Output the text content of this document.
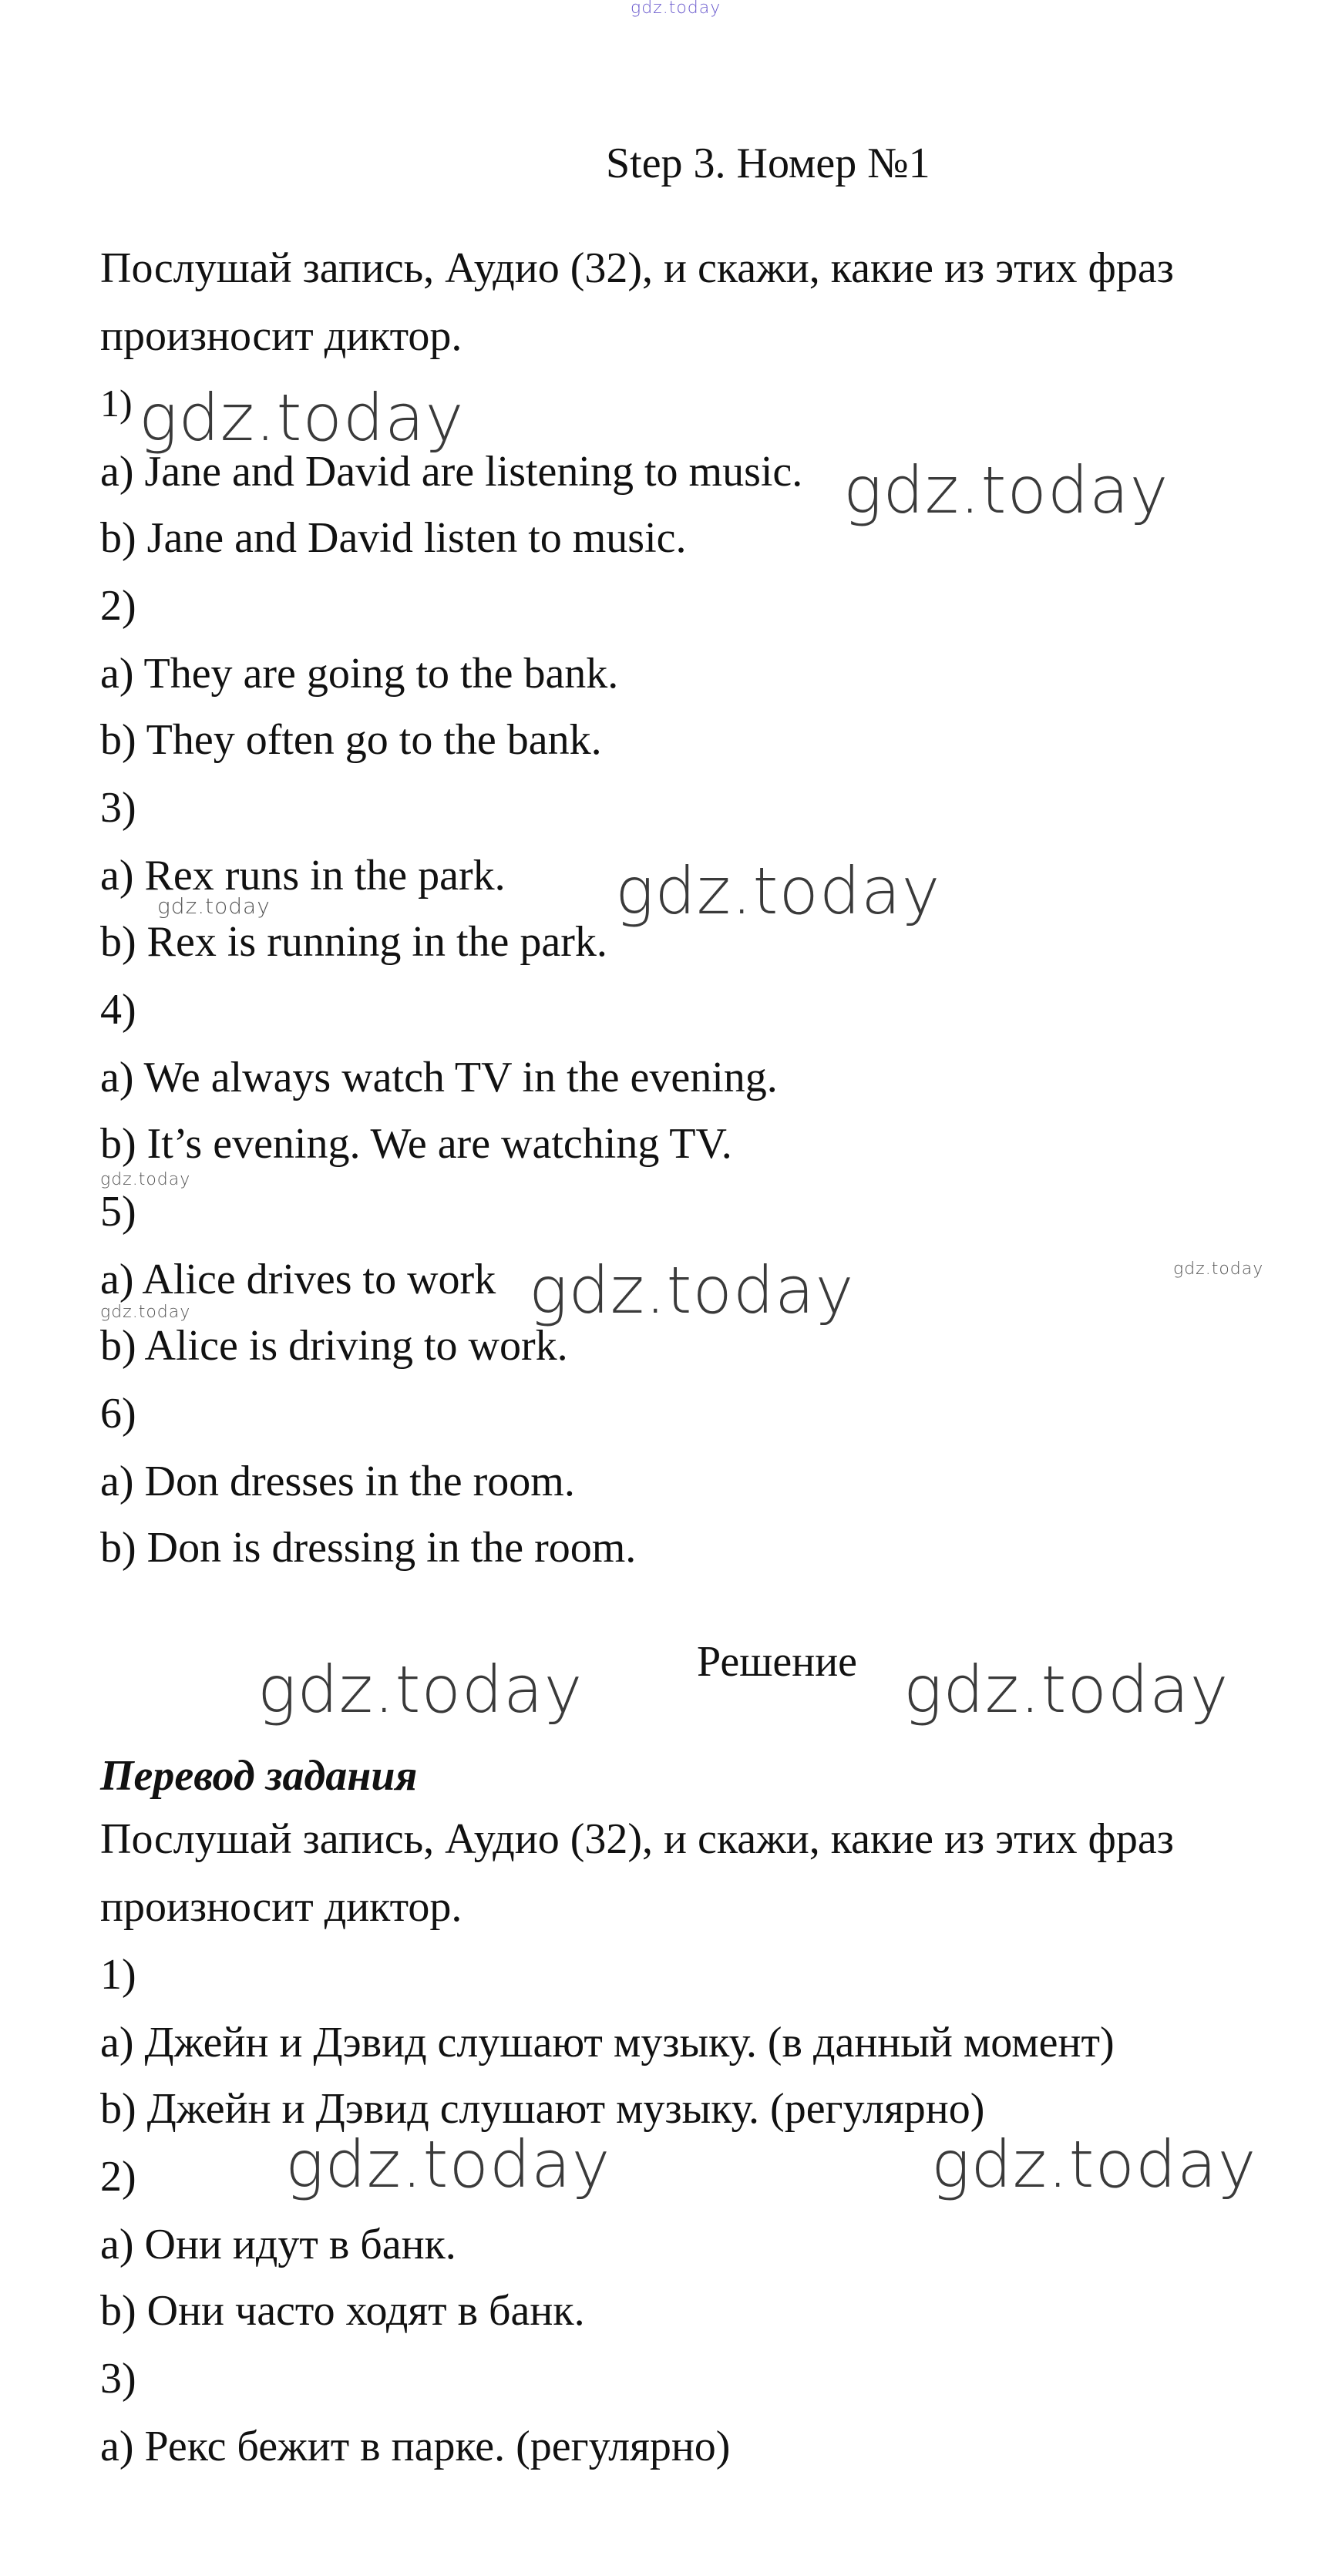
gdz.today
Step 3. Номер №1
Послушай запись, Аудио (32), и скажи, какие из этих фраз
произносит диктор.
1) gdz.today
a) Jane and David are listening to music. gdz.today
b) Jane and David listen to music.
2)
a) They are going to the bank.
b) They often go to the bank.
3)
a) Rex runs in the park. gdz.today
gdz.today
b) Rex is running in the park.
4)
a) We always watch TV in the evening.
b) It’s evening. We are watching TV.
gdz.today
5)
a) Alice drives to work gdz.today	gdz.today
gdz.today
b) Alice is driving to work.
6)
a) Don dresses in the room.
b) Don is dressing in the room.
Решение
gdz.today	gdz.today
Перевод задания
Послушай запись, Аудио (32), и скажи, какие из этих фраз
произносит диктор.
1)
a) Джейн и Дэвид слушают музыку. (в данный момент)
b) Джейн и Дэвид слушают музыку. (регулярно)
2) gdz.today	gdz.today
a) Они идут в банк.
b) Они часто ходят в банк.
3)
a) Рекс бежит в парке. (регулярно)
